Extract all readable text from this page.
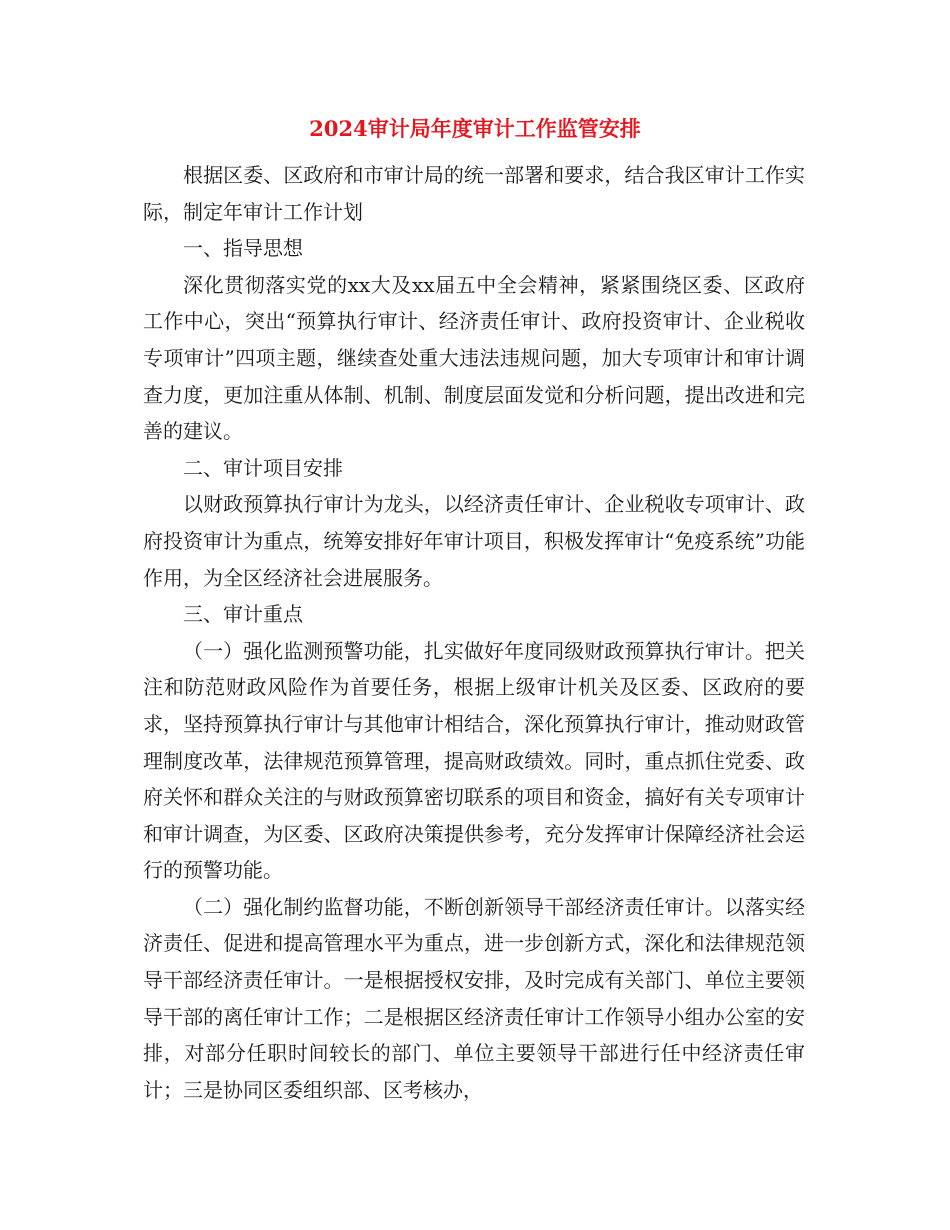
2024审计局年度审计工作监管安排

根据区委、区政府和市审计局的统一部署和要求，结合我区审计工作实际，制定年审计工作计划

一、指导思想

深化贯彻落实党的xx大及xx届五中全会精神，紧紧围绕区委、区政府工作中心，突出“预算执行审计、经济责任审计、政府投资审计、企业税收专项审计”四项主题，继续查处重大违法违规问题，加大专项审计和审计调查力度，更加注重从体制、机制、制度层面发觉和分析问题，提出改进和完善的建议。

二、审计项目安排

以财政预算执行审计为龙头，以经济责任审计、企业税收专项审计、政府投资审计为重点，统筹安排好年审计项目，积极发挥审计“免疫系统”功能作用，为全区经济社会进展服务。

三、审计重点

（一）强化监测预警功能，扎实做好年度同级财政预算执行审计。把关注和防范财政风险作为首要任务，根据上级审计机关及区委、区政府的要求，坚持预算执行审计与其他审计相结合，深化预算执行审计，推动财政管理制度改革，法律规范预算管理，提高财政绩效。同时，重点抓住党委、政府关怀和群众关注的与财政预算密切联系的项目和资金，搞好有关专项审计和审计调查，为区委、区政府决策提供参考，充分发挥审计保障经济社会运行的预警功能。

（二）强化制约监督功能，不断创新领导干部经济责任审计。以落实经济责任、促进和提高管理水平为重点，进一步创新方式，深化和法律规范领导干部经济责任审计。一是根据授权安排，及时完成有关部门、单位主要领导干部的离任审计工作；二是根据区经济责任审计工作领导小组办公室的安排，对部分任职时间较长的部门、单位主要领导干部进行任中经济责任审计；三是协同区委组织部、区考核办，
